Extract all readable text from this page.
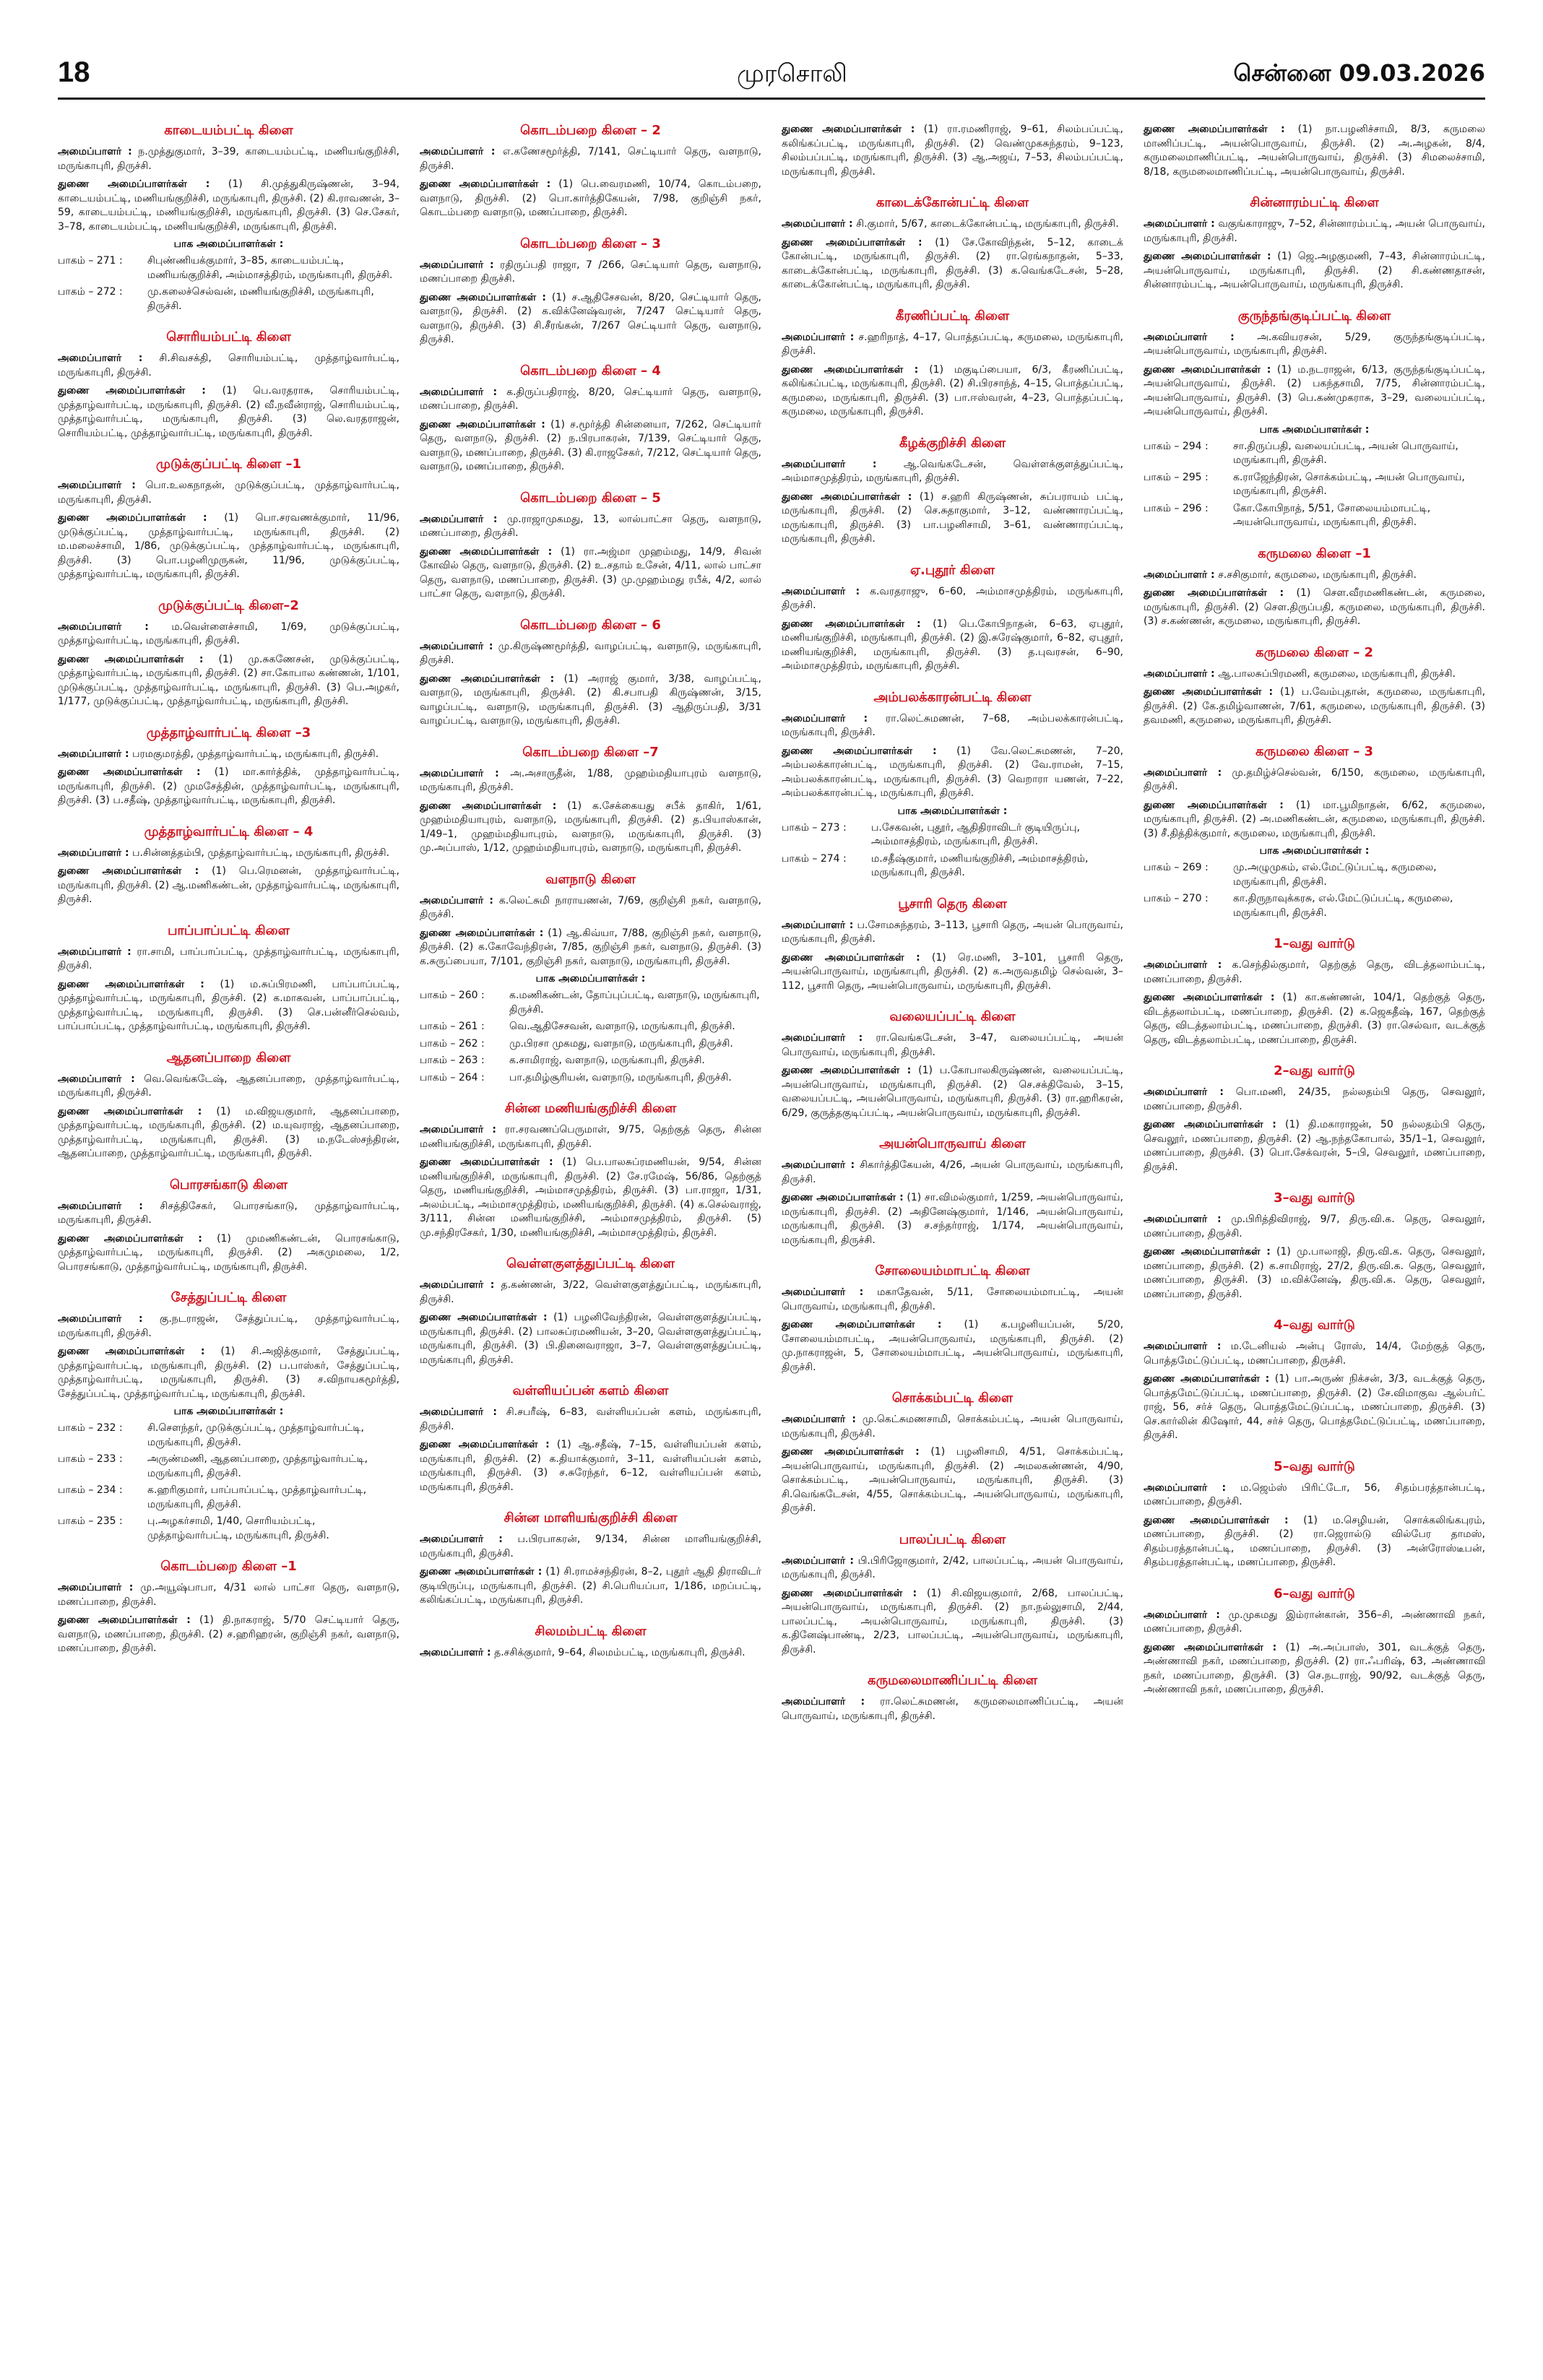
18	முரசொலி	சென்னை 09.03.2026
காடையம்பட்டி கிளை
அமைப்பாளர் : ந.முத்துகுமார், 3–39, காடையம்பட்டி, மணியங்குறிச்சி, மருங்காபுரி, திருச்சி.
துணை அமைப்பாளர்கள் : (1) சி.முத்துகிருஷ்ணன், 3–94, காடையம்பட்டி, மணியங்குறிச்சி, மருங்காபுரி, திருச்சி. (2) கி.ராவணன், 3–59, காடையம்பட்டி, மணியங்குறிச்சி, மருங்காபுரி, திருச்சி. (3) செ.சேகர், 3–78, காடையம்பட்டி, மணியங்குறிச்சி, மருங்காபுரி, திருச்சி.
பாக அமைப்பாளர்கள் :
பாகம் – 271 :	சிபுண்ணியக்குமார், 3–85, காடையம்பட்டி, மணியங்குறிச்சி, அம்மாசத்திரம், மருங்காபுரி, திருச்சி.
பாகம் – 272 :	மு.கலைச்செல்வன், மணியங்குறிச்சி, மருங்காபுரி, திருச்சி.
சொரியம்பட்டி கிளை
அமைப்பாளர் : சி.சிவசக்தி, சொரியம்பட்டி, முத்தாழ்வார்பட்டி, மருங்காபுரி, திருச்சி.
துணை அமைப்பாளர்கள் : (1) பெ.வரதராசு, சொரியம்பட்டி, முத்தாழ்வார்பட்டி, மருங்காபுரி, திருச்சி. (2) வீ.நவீன்ராஜ், சொரியம்பட்டி, முத்தாழ்வார்பட்டி, மருங்காபுரி, திருச்சி. (3) லெ.வரதராஜன், சொரியம்பட்டி, முத்தாழ்வார்பட்டி, மருங்காபுரி, திருச்சி.
முடுக்குப்பட்டி கிளை –1
அமைப்பாளர் : பொ.உலகநாதன், முடுக்குப்பட்டி, முத்தாழ்வார்பட்டி, மருங்காபுரி, திருச்சி.
துணை அமைப்பாளர்கள் : (1) பொ.சரவணக்குமார், 11/96, முடுக்குப்பட்டி, முத்தாழ்வார்பட்டி, மருங்காபுரி, திருச்சி. (2) ம.மலைச்சாமி, 1/86, முடுக்குப்பட்டி, முத்தாழ்வார்பட்டி, மருங்காபுரி, திருச்சி. (3) பொ.பழனிமுருகன், 11/96, முடுக்குப்பட்டி, முத்தாழ்வார்பட்டி, மருங்காபுரி, திருச்சி.
முடுக்குப்பட்டி கிளை–2
அமைப்பாளர் : ம.வெள்ளைச்சாமி, 1/69, முடுக்குப்பட்டி, முத்தாழ்வார்பட்டி, மருங்காபுரி, திருச்சி.
துணை அமைப்பாளர்கள் : (1) மு.சுகணேசன், முடுக்குப்பட்டி, முத்தாழ்வார்பட்டி, மருங்காபுரி, திருச்சி. (2) சா.கோபால கண்ணன், 1/101, முடுக்குப்பட்டி, முத்தாழ்வார்பட்டி, மருங்காபுரி, திருச்சி. (3) பெ.அழகர், 1/177, முடுக்குப்பட்டி, முத்தாழ்வார்பட்டி, மருங்காபுரி, திருச்சி.
முத்தாழ்வார்பட்டி கிளை –3
அமைப்பாளர் : பரமகுமரத்தி, முத்தாழ்வார்பட்டி, மருங்காபுரி, திருச்சி.
துணை அமைப்பாளர்கள் : (1) மா.கார்த்திக், முத்தாழ்வார்பட்டி, மருங்காபுரி, திருச்சி. (2) முமசேத்தின், முத்தாழ்வார்பட்டி, மருங்காபுரி, திருச்சி. (3) ப.சதீஷ், முத்தாழ்வார்பட்டி, மருங்காபுரி, திருச்சி.
முத்தாழ்வார்பட்டி கிளை – 4
அமைப்பாளர் : ப.சின்னத்தம்பி, முத்தாழ்வார்பட்டி, மருங்காபுரி, திருச்சி.
துணை அமைப்பாளர்கள் : (1) பெ.ரெமனன், முத்தாழ்வார்பட்டி, மருங்காபுரி, திருச்சி. (2) ஆ.மணிகண்டன், முத்தாழ்வார்பட்டி, மருங்காபுரி, திருச்சி.
பாப்பாப்பட்டி கிளை
அமைப்பாளர் : ரா.சாமி, பாப்பாப்பட்டி, முத்தாழ்வார்பட்டி, மருங்காபுரி, திருச்சி.
துணை அமைப்பாளர்கள் : (1) ம.சுப்பிரமணி, பாப்பாப்பட்டி, முத்தாழ்வார்பட்டி, மருங்காபுரி, திருச்சி. (2) க.மாகவன், பாப்பாப்பட்டி, முத்தாழ்வார்பட்டி, மருங்காபுரி, திருச்சி. (3) செ.பன்னீர்செல்வம், பாப்பாப்பட்டி, முத்தாழ்வார்பட்டி, மருங்காபுரி, திருச்சி.
ஆதனப்பாறை கிளை
அமைப்பாளர் : வெ.வெங்கடேஷ், ஆதனப்பாறை, முத்தாழ்வார்பட்டி, மருங்காபுரி, திருச்சி.
துணை அமைப்பாளர்கள் : (1) ம.விஜயகுமார், ஆதனப்பாறை, முத்தாழ்வார்பட்டி, மருங்காபுரி, திருச்சி. (2) ம.யுவராஜ், ஆதனப்பாறை, முத்தாழ்வார்பட்டி, மருங்காபுரி, திருச்சி. (3) ம.நடேஸ்சந்திரன், ஆதனப்பாறை, முத்தாழ்வார்பட்டி, மருங்காபுரி, திருச்சி.
பொரசங்காடு கிளை
அமைப்பாளர் : சிசத்திசேகர், பொரசங்காடு, முத்தாழ்வார்பட்டி, மருங்காபுரி, திருச்சி.
துணை அமைப்பாளர்கள் : (1) முமணிகண்டன், பொரசங்காடு, முத்தாழ்வார்பட்டி, மருங்காபுரி, திருச்சி. (2) அகமுமலை, 1/2, பொரசங்காடு, முத்தாழ்வார்பட்டி, மருங்காபுரி, திருச்சி.
சேத்துப்பட்டி கிளை
அமைப்பாளர் : கு.நடராஜன், சேத்துப்பட்டி, முத்தாழ்வார்பட்டி, மருங்காபுரி, திருச்சி.
துணை அமைப்பாளர்கள் : (1) சி.அஜித்குமார், சேத்துப்பட்டி, முத்தாழ்வார்பட்டி, மருங்காபுரி, திருச்சி. (2) ப.பாஸ்கர், சேத்துப்பட்டி, முத்தாழ்வார்பட்டி, மருங்காபுரி, திருச்சி. (3) ச.விநாயகமூர்த்தி, சேத்துப்பட்டி, முத்தாழ்வார்பட்டி, மருங்காபுரி, திருச்சி.
பாக அமைப்பாளர்கள் :
பாகம் – 232 :	சி.சௌந்தர், முடுக்குப்பட்டி, முத்தாழ்வார்பட்டி, மருங்காபுரி, திருச்சி.
பாகம் – 233 :	அருண்மணி, ஆதனப்பாறை, முத்தாழ்வார்பட்டி, மருங்காபுரி, திருச்சி.
பாகம் – 234 :	க.ஹரிகுமார், பாப்பாப்பட்டி, முத்தாழ்வார்பட்டி, மருங்காபுரி, திருச்சி.
பாகம் – 235 :	பு.அழகர்சாமி, 1/40, சொரியம்பட்டி, முத்தாழ்வார்பட்டி, மருங்காபுரி, திருச்சி.
கொடம்பறை கிளை –1
அமைப்பாளர் : மு.அயூஷ்பாபா, 4/31 லால் பாட்சா தெரு, வளநாடு, மணப்பாறை, திருச்சி.
துணை அமைப்பாளர்கள் : (1) தி.நாகராஜ், 5/70 செட்டியார் தெரு, வளநாடு, மணப்பாறை, திருச்சி. (2) ச.ஹரிஹரன், குறிஞ்சி நகர், வளநாடு, மணப்பாறை, திருச்சி.
கொடம்பறை கிளை – 2
அமைப்பாளர் : எ.கணேசமூர்த்தி, 7/141, செட்டியார் தெரு, வளநாடு, திருச்சி.
துணை அமைப்பாளர்கள் : (1) பெ.வைரமணி, 10/74, கொடம்பறை, வளநாடு, திருச்சி. (2) பொ.கார்த்திகேயன், 7/98, குறிஞ்சி நகர், கொடம்பறை வளநாடு, மணப்பாறை, திருச்சி.
கொடம்பறை கிளை – 3
அமைப்பாளர் : ரதிருப்பதி ராஜா, 7 /266, செட்டியார் தெரு, வளநாடு, மணப்பாறை திருச்சி.
துணை அமைப்பாளர்கள் : (1) ச.ஆதிசேசவன், 8/20, செட்டியார் தெரு, வளநாடு, திருச்சி. (2) க.விக்னேஷ்வரன், 7/247 செட்டியார் தெரு, வளநாடு, திருச்சி. (3) சி.சீரங்கன், 7/267 செட்டியார் தெரு, வளநாடு, திருச்சி.
கொடம்பறை கிளை – 4
அமைப்பாளர் : க.திருப்பதிராஜ், 8/20, செட்டியார் தெரு, வளநாடு, மணப்பாறை, திருச்சி.
துணை அமைப்பாளர்கள் : (1) ச.மூர்த்தி சின்னையா, 7/262, செட்டியார் தெரு, வளநாடு, திருச்சி. (2) ந.பிரபாகரன், 7/139, செட்டியார் தெரு, வளநாடு, மணப்பாறை, திருச்சி. (3) கி.ராஜசேகர், 7/212, செட்டியார் தெரு, வளநாடு, மணப்பாறை, திருச்சி.
கொடம்பறை கிளை – 5
அமைப்பாளர் : மு.ராஜாமுகமது, 13, லால்பாட்சா தெரு, வளநாடு, மணப்பாறை, திருச்சி.
துணை அமைப்பாளர்கள் : (1) ரா.அஜ்மா முஹம்மது, 14/9, சிவன் கோவில் தெரு, வளநாடு, திருச்சி. (2) உ.சதாம் உசேன், 4/11, லால் பாட்சா தெரு, வளநாடு, மணப்பாறை, திருச்சி. (3) மு.முஹம்மது ரபீக், 4/2, லால் பாட்சா தெரு, வளநாடு, திருச்சி.
கொடம்பறை கிளை – 6
அமைப்பாளர் : மு.கிருஷ்ணமூர்த்தி, வாழப்பட்டி, வளநாடு, மருங்காபுரி, திருச்சி.
துணை அமைப்பாளர்கள் : (1) அராஜ் குமார், 3/38, வாழப்பட்டி, வளநாடு, மருங்காபுரி, திருச்சி. (2) கி.சபாபதி கிருஷ்ணன், 3/15, வாழப்பட்டி, வளநாடு, மருங்காபுரி, திருச்சி. (3) ஆதிருப்பதி, 3/31 வாழப்பட்டி, வளநாடு, மருங்காபுரி, திருச்சி.
கொடம்பறை கிளை –7
அமைப்பாளர் : அ.அசாருதீன், 1/88, முஹம்மதியாபுரம் வளநாடு, மருங்காபுரி, திருச்சி.
துணை அமைப்பாளர்கள் : (1) க.சேக்கையது சபீக் தாகிர், 1/61, முஹம்மதியாபுரம், வளநாடு, மருங்காபுரி, திருச்சி. (2) த.பியாஸ்கான், 1/49–1, முஹம்மதியாபுரம், வளநாடு, மருங்காபுரி, திருச்சி. (3) மு.அப்பாஸ், 1/12, முஹம்மதியாபுரம், வளநாடு, மருங்காபுரி, திருச்சி.
வளநாடு கிளை
அமைப்பாளர் : க.லெட்சுமி நாராயணன், 7/69, குறிஞ்சி நகர், வளநாடு, திருச்சி.
துணை அமைப்பாளர்கள் : (1) ஆ.கிவ்யா, 7/88, குறிஞ்சி நகர், வளநாடு, திருச்சி. (2) க.கோவேந்திரன், 7/85, குறிஞ்சி நகர், வளநாடு, திருச்சி. (3) க.சுருப்பையா, 7/101, குறிஞ்சி நகர், வளநாடு, மருங்காபுரி, திருச்சி.
பாக அமைப்பாளர்கள் :
பாகம் – 260 :	க.மணிகண்டன், தோப்புப்பட்டி, வளநாடு, மருங்காபுரி, திருச்சி.
பாகம் – 261 :	வெ.ஆதிசேசவன், வளநாடு, மருங்காபுரி, திருச்சி.
பாகம் – 262 :	மு.பிரசா முகமது, வளநாடு, மருங்காபுரி, திருச்சி.
பாகம் – 263 :	க.சாமிராஜ், வளநாடு, மருங்காபுரி, திருச்சி.
பாகம் – 264 :	பா.தமிழ்சூரியன், வளநாடு, மருங்காபுரி, திருச்சி.
சின்ன மணியங்குறிச்சி கிளை
அமைப்பாளர் : ரா.சரவணப்பெருமாள், 9/75, தெற்குத் தெரு, சின்ன மணியங்குறிச்சி, மருங்காபுரி, திருச்சி.
துணை அமைப்பாளர்கள் : (1) பெ.பாலசுப்ரமணியன், 9/54, சின்ன மணியங்குறிச்சி, மருங்காபுரி, திருச்சி. (2) சே.ரமேஷ், 56/86, தெற்குத் தெரு, மணியங்குறிச்சி, அம்மாசமுத்திரம், திருச்சி. (3) பா.ராஜா, 1/31, அலம்பட்டி, அம்மாசமுத்திரம், மணியங்குறிச்சி, திருச்சி. (4) க.செல்வராஜ், 3/111, சின்ன மணியங்குறிச்சி, அம்மாசமுத்திரம், திருச்சி. (5) மு.சந்திரசேகர், 1/30, மணியங்குறிச்சி, அம்மாசமுத்திரம், திருச்சி.
வெள்ளகுளத்துப்பட்டி கிளை
அமைப்பாளர் : த.கண்ணன், 3/22, வெள்ளகுளத்துப்பட்டி, மருங்காபுரி, திருச்சி.
துணை அமைப்பாளர்கள் : (1) பழனிவேந்திரன், வெள்ளகுளத்துப்பட்டி, மருங்காபுரி, திருச்சி. (2) பாலசுப்ரமணியன், 3–20, வெள்ளகுளத்துப்பட்டி, மருங்காபுரி, திருச்சி. (3) பி.தினைவராஜா, 3–7, வெள்ளகுளத்துப்பட்டி, மருங்காபுரி, திருச்சி.
வள்ளியப்பன் களம் கிளை
அமைப்பாளர் : சி.சபரீஷ், 6–83, வள்ளியப்பன் களம், மருங்காபுரி, திருச்சி.
துணை அமைப்பாளர்கள் : (1) ஆ.சதீஷ், 7–15, வள்ளியப்பன் களம், மருங்காபுரி, திருச்சி. (2) க.தியாக்குமார், 3–11, வள்ளியப்பன் களம், மருங்காபுரி, திருச்சி. (3) ச.சுரேந்தர், 6–12, வள்ளியப்பன் களம், மருங்காபுரி, திருச்சி.
சின்ன மாளியங்குறிச்சி கிளை
அமைப்பாளர் : ப.பிரபாகரன், 9/134, சின்ன மாளியங்குறிச்சி, மருங்காபுரி, திருச்சி.
துணை அமைப்பாளர்கள் : (1) சி.ராமச்சந்திரன், 8–2, புதூர் ஆதி திராவிடர் குடியிருப்பு, மருங்காபுரி, திருச்சி. (2) சி.பெரியப்பா, 1/186, மறப்பட்டி, கலிங்கப்பட்டி, மருங்காபுரி, திருச்சி.
சிலமம்பட்டி கிளை
அமைப்பாளர் : த.சசிக்குமார், 9–64, சிலமம்பட்டி, மருங்காபுரி, திருச்சி.
துணை அமைப்பாளர்கள் : (1) ரா.ரமணிராஜ், 9–61, சிலம்பப்பட்டி, கலிங்கப்பட்டி, மருங்காபுரி, திருச்சி. (2) வெண்முகசுந்தரம், 9–123, சிலம்பப்பட்டி, மருங்காபுரி, திருச்சி. (3) ஆ.அஜய், 7–53, சிலம்பப்பட்டி, மருங்காபுரி, திருச்சி.
காடைக்கோன்பட்டி கிளை
அமைப்பாளர் : சி.குமார், 5/67, காடைக்கோன்பட்டி, மருங்காபுரி, திருச்சி.
துணை அமைப்பாளர்கள் : (1) சே.கோவிந்தன், 5–12, காடைக் கோன்பட்டி, மருங்காபுரி, திருச்சி. (2) ரா.ரெங்கநாதன், 5–33, காடைக்கோன்பட்டி, மருங்காபுரி, திருச்சி. (3) க.வெங்கடேசன், 5–28, காடைக்கோன்பட்டி, மருங்காபுரி, திருச்சி.
கீரணிப்பட்டி கிளை
அமைப்பாளர் : ச.ஹரிநாத், 4–17, பொத்தப்பட்டி, கருமலை, மருங்காபுரி, திருச்சி.
துணை அமைப்பாளர்கள் : (1) மகுடிப்பையா, 6/3, கீரணிப்பட்டி, கலிங்கப்பட்டி, மருங்காபுரி, திருச்சி. (2) சி.பிரசாந்த், 4–15, பொத்தப்பட்டி, கருமலை, மருங்காபுரி, திருச்சி. (3) பா.ஈஸ்வரன், 4–23, பொத்தப்பட்டி, கருமலை, மருங்காபுரி, திருச்சி.
கீழக்குறிச்சி கிளை
அமைப்பாளர் :	ஆ.வெங்கடேசன், வெள்ளக்குளத்துப்பட்டி, அம்மாசமுத்திரம், மருங்காபுரி, திருச்சி.
துணை அமைப்பாளர்கள் : (1) ச.ஹரி கிருஷ்ணன், சுப்பராயம் பட்டி, மருங்காபுரி, திருச்சி. (2) செ.சுதாகுமார், 3–12, வண்ணாரப்பட்டி, மருங்காபுரி, திருச்சி. (3) பா.பழனிசாமி, 3–61, வண்ணாரப்பட்டி, மருங்காபுரி, திருச்சி.
ஏ.புதூர் கிளை
அமைப்பாளர் : க.வரதராஜு, 6–60, அம்மாசமுத்திரம், மருங்காபுரி, திருச்சி.
துணை அமைப்பாளர்கள் : (1) பெ.கோபிநாதன், 6–63, ஏபுதூர், மணியங்குறிச்சி, மருங்காபுரி, திருச்சி. (2) இ.சுரேஷ்குமார், 6–82, ஏபுதூர், மணியங்குறிச்சி, மருங்காபுரி, திருச்சி. (3) த.புவரசன், 6–90, அம்மாசமுத்திரம், மருங்காபுரி, திருச்சி.
அம்பலக்காரன்பட்டி கிளை
அமைப்பாளர் : ரா.லெட்சுமணன், 7–68, அம்பலக்காரன்பட்டி, மருங்காபுரி, திருச்சி.
துணை அமைப்பாளர்கள் : (1) வே.லெட்சுமணன், 7–20, அம்பலக்காரன்பட்டி, மருங்காபுரி, திருச்சி. (2) வே.ராமன், 7–15, அம்பலக்காரன்பட்டி, மருங்காபுரி, திருச்சி. (3) வெறாரா யணன், 7–22, அம்பலக்காரன்பட்டி, மருங்காபுரி, திருச்சி.
பாக அமைப்பாளர்கள் :
பாகம் – 273 :	ப.சேகவன், புதூர், ஆதிதிராவிடர் குடியிருப்பு, அம்மாசத்திரம், மருங்காபுரி, திருச்சி.
பாகம் – 274 :	ம.சதீஷ்குமார், மணியங்குறிச்சி, அம்மாசத்திரம், மருங்காபுரி, திருச்சி.
பூசாரி தெரு கிளை
அமைப்பாளர் : ப.சோமசுந்தரம், 3–113, பூசாரி தெரு, அயன் பொருவாய், மருங்காபுரி, திருச்சி.
துணை அமைப்பாளர்கள் : (1) ரெ.மணி, 3–101, பூசாரி தெரு, அயன்பொருவாய், மருங்காபுரி, திருச்சி. (2) க.அருவதமிழ் செல்வன், 3–112, பூசாரி தெரு, அயன்பொருவாய், மருங்காபுரி, திருச்சி.
வலையப்பட்டி கிளை
அமைப்பாளர் : ரா.வெங்கடேசன், 3–47, வலையப்பட்டி, அயன் பொருவாய், மருங்காபுரி, திருச்சி.
துணை அமைப்பாளர்கள் : (1) ப.கோபாலகிருஷ்ணன், வலையப்பட்டி, அயன்பொருவாய், மருங்காபுரி, திருச்சி. (2) செ.சக்திவேல், 3–15, வலையப்பட்டி, அயன்பொருவாய், மருங்காபுரி, திருச்சி. (3) ரா.ஹரிகரன், 6/29, குருத்தகுடிப்பட்டி, அயன்பொருவாய், மருங்காபுரி, திருச்சி.
அயன்பொருவாய் கிளை
அமைப்பாளர் : சிகார்த்திகேயன், 4/26, அயன் பொருவாய், மருங்காபுரி, திருச்சி.
துணை அமைப்பாளர்கள் : (1) சா.விமல்குமார், 1/259, அயன்பொருவாய், மருங்காபுரி, திருச்சி. (2) அதினேஷ்குமார், 1/146, அயன்பொருவாய், மருங்காபுரி, திருச்சி. (3) ச.சந்தர்ராஜ், 1/174, அயன்பொருவாய், மருங்காபுரி, திருச்சி.
சோலையம்மாபட்டி கிளை
அமைப்பாளர் : மகாதேவன், 5/11, சோலையம்மாபட்டி, அயன் பொருவாய், மருங்காபுரி, திருச்சி.
துணை அமைப்பாளர்கள் : (1) க.பழனியப்பன், 5/20, சோலையம்மாபட்டி, அயன்பொருவாய், மருங்காபுரி, திருச்சி. (2) மு.நாகராஜன், 5, சோலையம்மாபட்டி, அயன்பொருவாய், மருங்காபுரி, திருச்சி.
சொக்கம்பட்டி கிளை
அமைப்பாளர் : மு.கெட்சுமணசாமி, சொக்கம்பட்டி, அயன் பொருவாய், மருங்காபுரி, திருச்சி.
துணை அமைப்பாளர்கள் : (1) பழனிசாமி, 4/51, சொக்கம்பட்டி, அயன்பொருவாய், மருங்காபுரி, திருச்சி. (2) அமலகண்ணன், 4/90, சொக்கம்பட்டி, அயன்பொருவாய், மருங்காபுரி, திருச்சி. (3) சி.வெங்கடேசன், 4/55, சொக்கம்பட்டி, அயன்பொருவாய், மருங்காபுரி, திருச்சி.
பாலப்பட்டி கிளை
அமைப்பாளர் : பி.பிரிஜோகுமார், 2/42, பாலப்பட்டி, அயன் பொருவாய், மருங்காபுரி, திருச்சி.
துணை அமைப்பாளர்கள் : (1) சி.விஜயகுமார், 2/68, பாலப்பட்டி, அயன்பொருவாய், மருங்காபுரி, திருச்சி. (2) நா.நல்லுசாமி, 2/44, பாலப்பட்டி, அயன்பொருவாய், மருங்காபுரி, திருச்சி. (3) க.தினேஷ்பாண்டி, 2/23, பாலப்பட்டி, அயன்பொருவாய், மருங்காபுரி, திருச்சி.
கருமலைமாணிப்பட்டி கிளை
அமைப்பாளர் : ரா.லெட்சுமணன், கருமலைமாணிப்பட்டி, அயன் பொருவாய், மருங்காபுரி, திருச்சி.
துணை அமைப்பாளர்கள் : (1) நா.பழனிச்சாமி, 8/3, கருமலை மாணிப்பட்டி, அயன்பொருவாய், திருச்சி. (2) அ.அழகன், 8/4, கருமலைமாணிப்பட்டி, அயன்பொருவாய், திருச்சி. (3) சிமலைச்சாமி, 8/18, கருமலைமாணிப்பட்டி, அயன்பொருவாய், திருச்சி.
சின்னாரம்பட்டி கிளை
அமைப்பாளர் : வகுங்காராஜு, 7–52, சின்னாரம்பட்டி, அயன் பொருவாய், மருங்காபுரி, திருச்சி.
துணை அமைப்பாளர்கள் : (1) ஜெ.அழகுமணி, 7–43, சின்னாரம்பட்டி, அயன்பொருவாய், மருங்காபுரி, திருச்சி. (2) சி.கண்ணதாசன், சின்னாரம்பட்டி, அயன்பொருவாய், மருங்காபுரி, திருச்சி.
குருந்தங்குடிப்பட்டி கிளை
அமைப்பாளர் : அ.கவியரசன், 5/29, குருந்தங்குடிப்பட்டி, அயன்பொருவாய், மருங்காபுரி, திருச்சி.
துணை அமைப்பாளர்கள் : (1) ம.நடராஜன், 6/13, குருந்தங்குடிப்பட்டி, அயன்பொருவாய், திருச்சி. (2) பகந்தசாமி, 7/75, சின்னாரம்பட்டி, அயன்பொருவாய், திருச்சி. (3) பெ.கண்முகராசு, 3–29, வலையப்பட்டி, அயன்பொருவாய், திருச்சி.
பாக அமைப்பாளர்கள் :
பாகம் – 294 :	சா.திருப்பதி, வலையப்பட்டி, அயன் பொருவாய், மருங்காபுரி, திருச்சி.
பாகம் – 295 :	க.ராஜேந்திரன், சொக்கம்பட்டி, அயன் பொருவாய், மருங்காபுரி, திருச்சி.
பாகம் – 296 :	கோ.கோபிநாத், 5/51, சோலையம்மாபட்டி, அயன்பொருவாய், மருங்காபுரி, திருச்சி.
கருமலை கிளை –1
அமைப்பாளர் : ச.சசிகுமார், கருமலை, மருங்காபுரி, திருச்சி.
துணை அமைப்பாளர்கள் : (1) செள.வீரமணிகண்டன், கருமலை, மருங்காபுரி, திருச்சி. (2) செள.திருப்பதி, கருமலை, மருங்காபுரி, திருச்சி. (3) ச.கண்ணன், கருமலை, மருங்காபுரி, திருச்சி.
கருமலை கிளை – 2
அமைப்பாளர் : ஆ.பாலசுப்பிரமணி, கருமலை, மருங்காபுரி, திருச்சி.
துணை அமைப்பாளர்கள் : (1) ப.வேம்புதான், கருமலை, மருங்காபுரி, திருச்சி. (2) கே.தமிழ்வாணன், 7/61, கருமலை, மருங்காபுரி, திருச்சி. (3) தவமணி, கருமலை, மருங்காபுரி, திருச்சி.
கருமலை கிளை – 3
அமைப்பாளர் : மு.தமிழ்ச்செல்வன், 6/150, கருமலை, மருங்காபுரி, திருச்சி.
துணை அமைப்பாளர்கள் : (1) மா.பூமிநாதன், 6/62, கருமலை, மருங்காபுரி, திருச்சி. (2) அ.மணிகண்டன், கருமலை, மருங்காபுரி, திருச்சி. (3) சீ.தித்திக்குமார், கருமலை, மருங்காபுரி, திருச்சி.
பாக அமைப்பாளர்கள் :
பாகம் – 269 :	மு.அழுமுகம், எல்.மேட்டுப்பட்டி, கருமலை, மருங்காபுரி, திருச்சி.
பாகம் – 270 :	கா.திருநாவுக்கரசு, எல்.மேட்டுப்பட்டி, கருமலை, மருங்காபுரி, திருச்சி.
1–வது வார்டு
அமைப்பாளர் : க.செந்தில்குமார், தெற்குத் தெரு, விடத்தலாம்பட்டி, மணப்பாறை, திருச்சி.
துணை அமைப்பாளர்கள் : (1) கா.கண்ணன், 104/1, தெற்குத் தெரு, விடத்தலாம்பட்டி, மணப்பாறை, திருச்சி. (2) க.ஜெகதீஷ், 167, தெற்குத் தெரு, விடத்தலாம்பட்டி, மணப்பாறை, திருச்சி. (3) ரா.செல்வா, வடக்குத் தெரு, விடத்தலாம்பட்டி, மணப்பாறை, திருச்சி.
2–வது வார்டு
அமைப்பாளர் : பொ.மணி, 24/35, நல்லதம்பி தெரு, செவலூர், மணப்பாறை, திருச்சி.
துணை அமைப்பாளர்கள் : (1) தி.மகாராஜன், 50 நல்லதம்பி தெரு, செவலூர், மணப்பாறை, திருச்சி. (2) ஆ.நந்தகோபால், 35/1–1, செவலூர், மணப்பாறை, திருச்சி. (3) பொ.சேக்வரன், 5–பி, செவலூர், மணப்பாறை, திருச்சி.
3–வது வார்டு
அமைப்பாளர் : மு.பிரித்திவிராஜ், 9/7, திரு.வி.க. தெரு, செவலூர், மணப்பாறை, திருச்சி.
துணை அமைப்பாளர்கள் : (1) மு.பாலாஜி, திரு.வி.க. தெரு, செவலூர், மணப்பாறை, திருச்சி. (2) க.சாமிராஜ், 27/2, திரு.வி.க. தெரு, செவலூர், மணப்பாறை, திருச்சி. (3) ம.விக்னேஷ், திரு.வி.க. தெரு, செவலூர், மணப்பாறை, திருச்சி.
4–வது வார்டு
அமைப்பாளர் : ம.டேனியல் அன்பு ரோஸ், 14/4, மேற்குத் தெரு, பொத்தமேட்டுப்பட்டி, மணப்பாறை, திருச்சி.
துணை அமைப்பாளர்கள் : (1) பா.அருண் நிக்சன், 3/3, வடக்குத் தெரு, பொத்தமேட்டுப்பட்டி, மணப்பாறை, திருச்சி. (2) சே.விமாகுவ ஆல்பர்ட் ராஜ், 56, சர்ச் தெரு, பொத்தமேட்டுப்பட்டி, மணப்பாறை, திருச்சி. (3) செ.கார்லின் கிஷோர், 44, சர்ச் தெரு, பொத்தமேட்டுப்பட்டி, மணப்பாறை, திருச்சி.
5–வது வார்டு
அமைப்பாளர் : ம.ஜெம்ஸ் பிரிட்டோ, 56, சிதம்பரத்தான்பட்டி, மணப்பாறை, திருச்சி.
துணை அமைப்பாளர்கள் : (1) ம.செழியன், சொக்கலிங்கபுரம், மணப்பாறை, திருச்சி. (2) ரா.ஜெரால்டு வில்பேர தாமஸ், சிதம்பரத்தான்பட்டி, மணப்பாறை, திருச்சி. (3) அன்ரோஸ்டீபன், சிதம்பரத்தான்பட்டி, மணப்பாறை, திருச்சி.
6–வது வார்டு
அமைப்பாளர் : மு.முகமது இம்ரான்கான், 356–சி, அண்ணாவி நகர், மணப்பாறை, திருச்சி.
துணை அமைப்பாளர்கள் : (1) அ.அப்பாஸ், 301, வடக்குத் தெரு, அண்ணாவி நகர், மணப்பாறை, திருச்சி. (2) ரா.ஃபரிஷ், 63, அண்ணாவி நகர், மணப்பாறை, திருச்சி. (3) செ.நடராஜ், 90/92, வடக்குத் தெரு, அண்ணாவி நகர், மணப்பாறை, திருச்சி.
